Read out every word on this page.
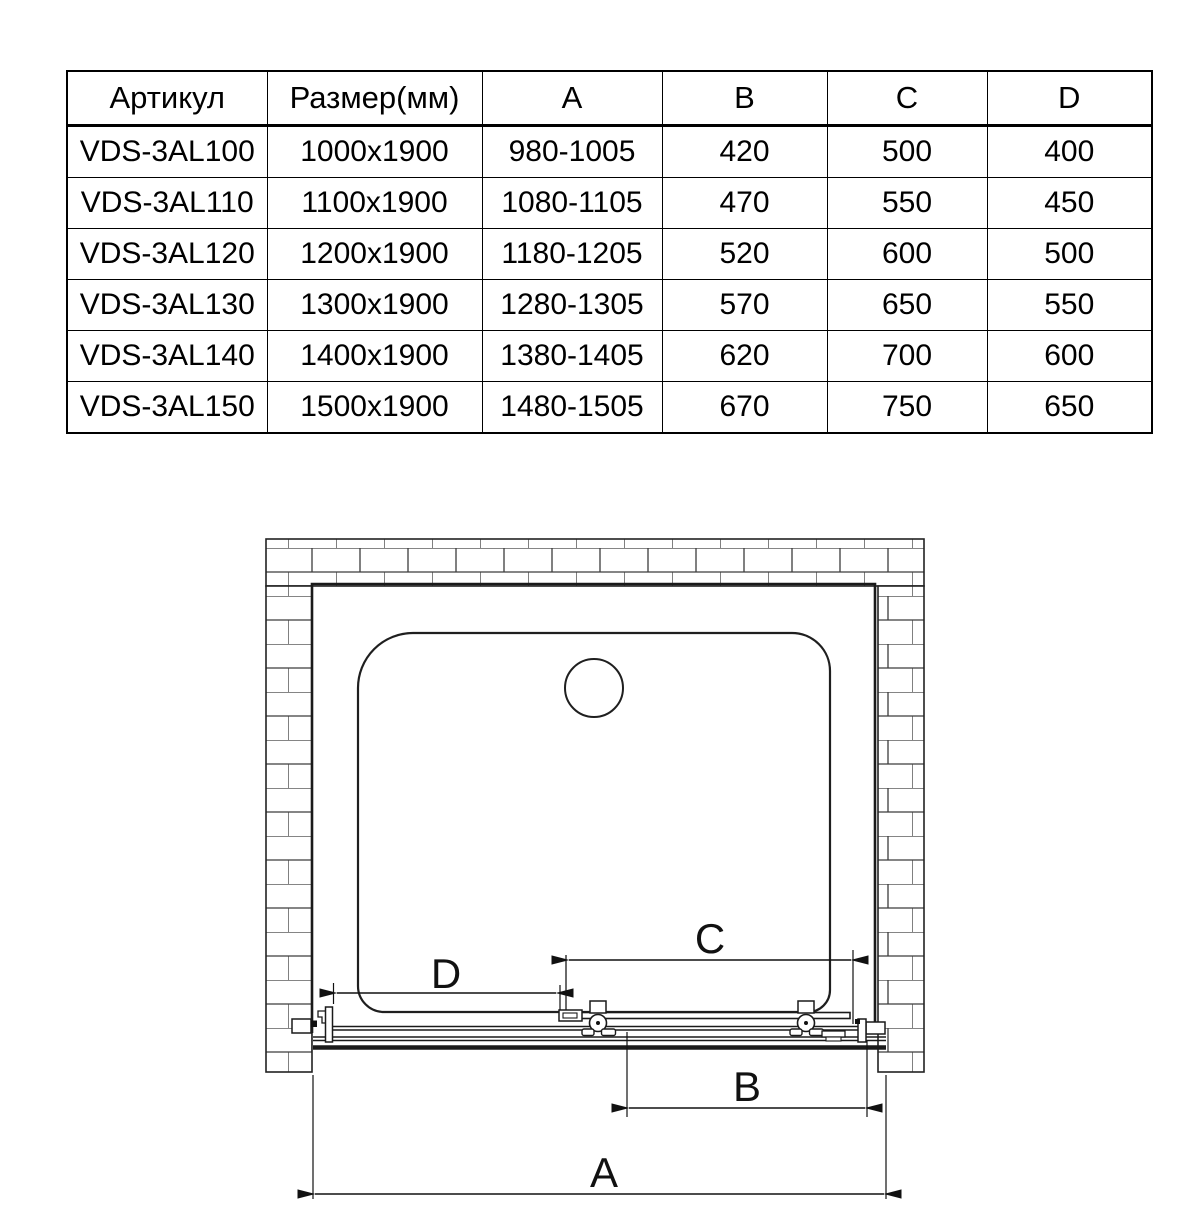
Артикул	Размер(мм)	A	B	C	D
VDS-3AL100	1000x1900	980-1005	420	500	400
VDS-3AL110	1100x1900	1080-1105	470	550	450
VDS-3AL120	1200x1900	1180-1205	520	600	500
VDS-3AL130	1300x1900	1280-1305	570	650	550
VDS-3AL140	1400x1900	1380-1405	620	700	600
VDS-3AL150	1500x1900	1480-1505	670	750	650
C
D
B
A
